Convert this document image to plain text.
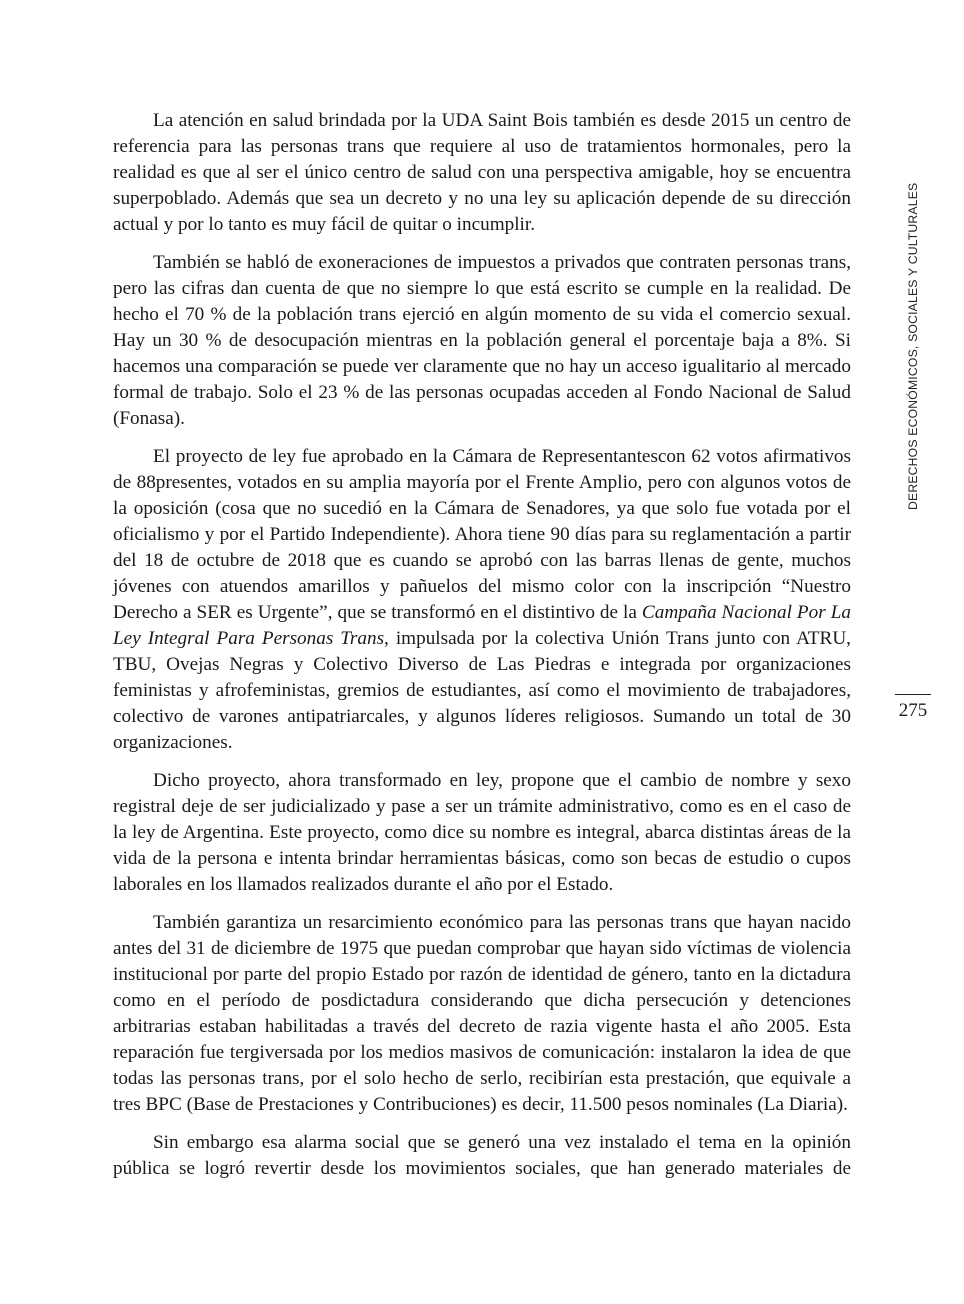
La atención en salud brindada por la UDA Saint Bois también es desde 2015 un centro de referencia para las personas trans que requiere al uso de tratamientos hormonales, pero la realidad es que al ser el único centro de salud con una perspectiva amigable, hoy se encuentra superpoblado. Además que sea un decreto y no una ley su aplicación depende de su dirección actual y por lo tanto es muy fácil de quitar o incumplir.

También se habló de exoneraciones de impuestos a privados que contraten personas trans, pero las cifras dan cuenta de que no siempre lo que está escrito se cumple en la realidad. De hecho el 70 % de la población trans ejerció en algún momento de su vida el comercio sexual. Hay un 30 % de desocupación mientras en la población general el porcentaje baja a 8%. Si hacemos una comparación se puede ver claramente que no hay un acceso igualitario al mercado formal de trabajo. Solo el 23 % de las personas ocupadas acceden al Fondo Nacional de Salud (Fonasa).

El proyecto de ley fue aprobado en la Cámara de Representantescon 62 votos afirmativos de 88presentes, votados en su amplia mayoría por el Frente Amplio, pero con algunos votos de la oposición (cosa que no sucedió en la Cámara de Senadores, ya que solo fue votada por el oficialismo y por el Partido Independiente). Ahora tiene 90 días para su reglamentación a partir del 18 de octubre de 2018 que es cuando se aprobó con las barras llenas de gente, muchos jóvenes con atuendos amarillos y pañuelos del mismo color con la inscripción “Nuestro Derecho a SER es Urgente”, que se transformó en el distintivo de la Campaña Nacional Por La Ley Integral Para Personas Trans, impulsada por la colectiva Unión Trans junto con ATRU, TBU, Ovejas Negras y Colectivo Diverso de Las Piedras e integrada por organizaciones feministas y afrofeministas, gremios de estudiantes, así como el movimiento de trabajadores, colectivo de varones antipatriarcales, y algunos líderes religiosos. Sumando un total de 30 organizaciones.

Dicho proyecto, ahora transformado en ley, propone que el cambio de nombre y sexo registral deje de ser judicializado y pase a ser un trámite administrativo, como es en el caso de la ley de Argentina. Este proyecto, como dice su nombre es integral, abarca distintas áreas de la vida de la persona e intenta brindar herramientas básicas, como son becas de estudio o cupos laborales en los llamados realizados durante el año por el Estado.

También garantiza un resarcimiento económico para las personas trans que hayan nacido antes del 31 de diciembre de 1975 que puedan comprobar que hayan sido víctimas de violencia institucional por parte del propio Estado por razón de identidad de género, tanto en la dictadura como en el período de posdictadura considerando que dicha persecución y detenciones arbitrarias estaban habilitadas a través del decreto de razia vigente hasta el año 2005. Esta reparación fue tergiversada por los medios masivos de comunicación: instalaron la idea de que todas las personas trans, por el solo hecho de serlo, recibirían esta prestación, que equivale a tres BPC (Base de Prestaciones y Contribuciones) es decir, 11.500 pesos nominales (La Diaria).

Sin embargo esa alarma social que se generó una vez instalado el tema en la opinión pública se logró revertir desde los movimientos sociales, que han generado materiales de

DERECHOS ECONÓMICOS, SOCIALES Y CULTURALES
275
